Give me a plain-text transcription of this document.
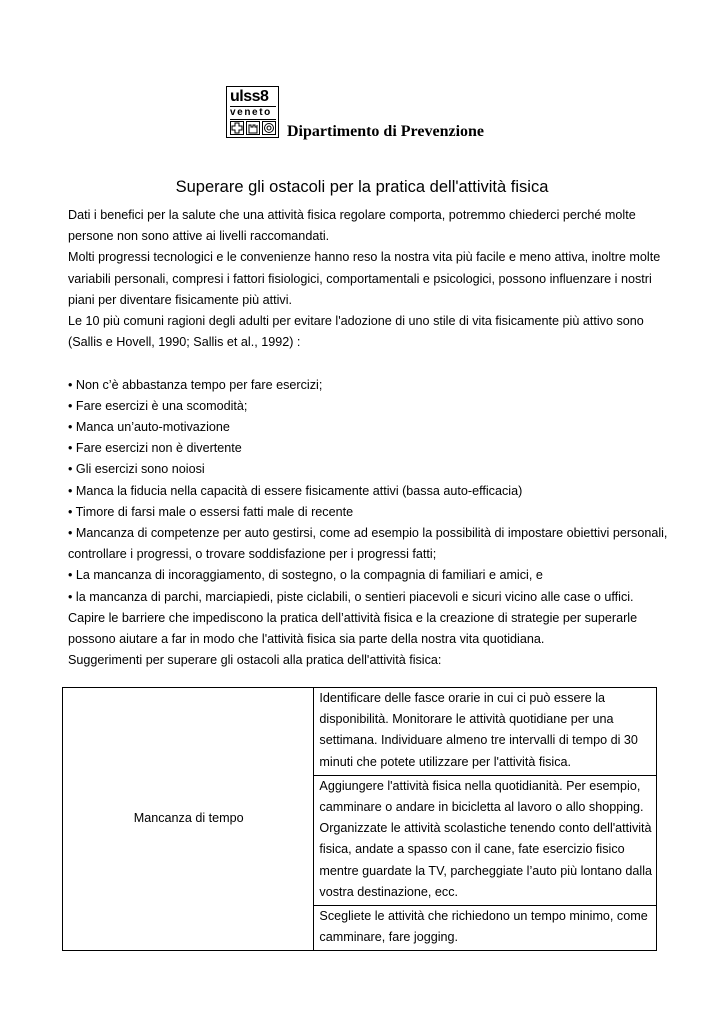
ulss8
veneto
Dipartimento di Prevenzione
Superare gli ostacoli per la pratica dell'attività fisica

Dati i benefici per la salute che una attività fisica regolare comporta, potremmo chiederci perché molte

persone non sono attive ai livelli raccomandati.

Molti progressi tecnologici e le convenienze hanno reso la nostra vita più facile e meno attiva, inoltre molte

variabili personali, compresi i fattori fisiologici, comportamentali e psicologici, possono influenzare i nostri

piani per diventare fisicamente più attivi.

Le 10 più comuni ragioni degli adulti per evitare l'adozione di uno stile di vita fisicamente più attivo sono

(Sallis e Hovell, 1990; Sallis et al., 1992) :

• Non c’è abbastanza tempo per fare esercizi;

• Fare esercizi è una scomodità;

• Manca un’auto-motivazione

• Fare esercizi non è divertente

• Gli esercizi sono noiosi

• Manca la fiducia nella capacità di essere fisicamente attivi (bassa auto-efficacia)

• Timore di farsi male o essersi fatti male di recente

• Mancanza di competenze per auto gestirsi, come ad esempio la possibilità di impostare obiettivi personali,

controllare i progressi, o trovare soddisfazione per i progressi fatti;

• La mancanza di incoraggiamento, di sostegno, o la compagnia di familiari e amici, e

• la mancanza di parchi, marciapiedi, piste ciclabili, o sentieri piacevoli e sicuri vicino alle case o uffici.

Capire le barriere che impediscono la pratica dell’attività fisica e la creazione di strategie per superarle

possono aiutare a far in modo che l'attività fisica sia parte della nostra vita quotidiana.

Suggerimenti per superare gli ostacoli alla pratica dell'attività fisica:

Mancanza di tempo	
Identificare delle fasce orarie in cui ci può essere la
disponibilità. Monitorare le attività quotidiane per una
settimana. Individuare almeno tre intervalli di tempo di 30
minuti che potete utilizzare per l'attività fisica.

Aggiungere l'attività fisica nella quotidianità. Per esempio,
camminare o andare in bicicletta al lavoro o allo shopping.
Organizzate le attività scolastiche tenendo conto dell'attività
fisica, andate a spasso con il cane, fate esercizio fisico
mentre guardate la TV, parcheggiate l’auto più lontano dalla
vostra destinazione, ecc.

Scegliete le attività che richiedono un tempo minimo, come
camminare, fare jogging.
